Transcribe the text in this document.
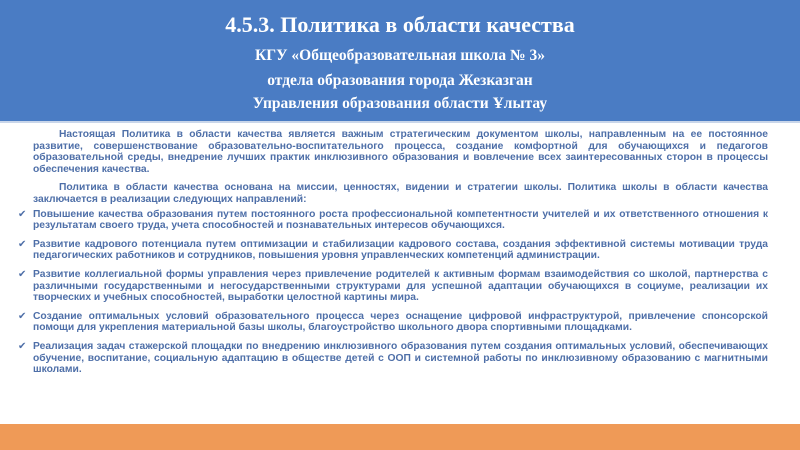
4.5.3. Политика в области качества
КГУ «Общеобразовательная школа № 3»
отдела образования города Жезказган
Управления образования области Ұлытау

Настоящая Политика в области качества является важным стратегическим документом школы, направленным на ее постоянное развитие, совершенствование образовательно-воспитательного процесса, создание комфортной для обучающихся и педагогов образовательной среды, внедрение лучших практик инклюзивного образования и вовлечение всех заинтересованных сторон в процессы обеспечения качества.

Политика в области качества основана на миссии, ценностях, видении и стратегии школы. Политика школы в области качества заключается в реализации следующих направлений:

✔ Повышение качества образования путем постоянного роста профессиональной компетентности учителей и их ответственного отношения к результатам своего труда, учета способностей и познавательных интересов обучающихся.
✔ Развитие кадрового потенциала путем оптимизации и стабилизации кадрового состава, создания эффективной системы мотивации труда педагогических работников и сотрудников, повышения уровня управленческих компетенций администрации.
✔ Развитие коллегиальной формы управления через привлечение родителей к активным формам взаимодействия со школой, партнерства с различными государственными и негосударственными структурами для успешной адаптации обучающихся в социуме, реализации их творческих и учебных способностей, выработки целостной картины мира.
✔ Создание оптимальных условий образовательного процесса через оснащение цифровой инфраструктурой, привлечение спонсорской помощи для укрепления материальной базы школы, благоустройство школьного двора спортивными площадками.
✔ Реализация задач стажерской площадки по внедрению инклюзивного образования путем создания оптимальных условий, обеспечивающих обучение, воспитание, социальную адаптацию в обществе детей с ООП и системной работы по инклюзивному образованию с магнитными школами.
